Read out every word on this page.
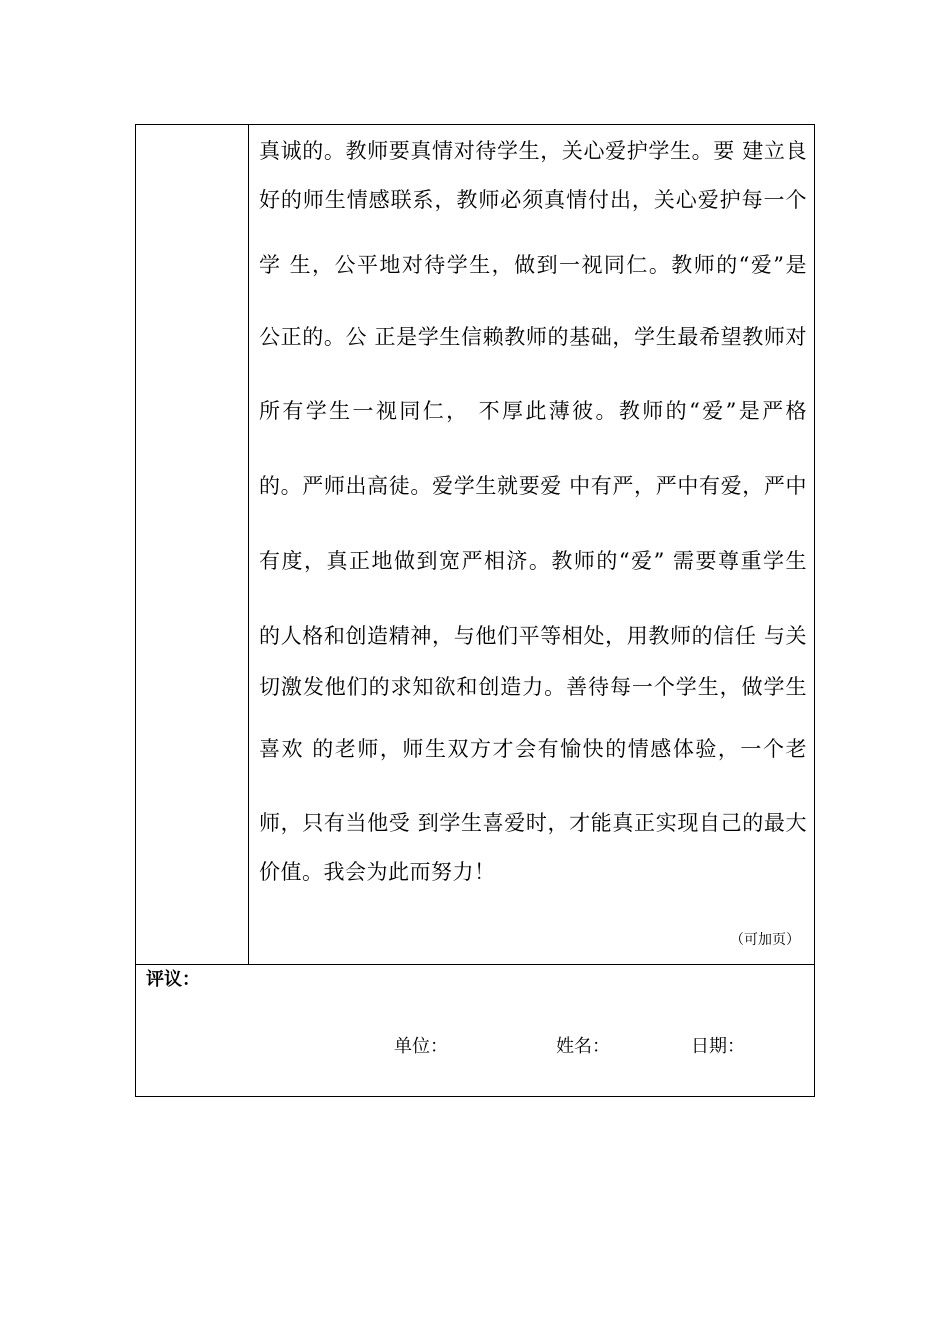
真诚的。教师要真情对待学生，关心爱护学生。要 建立良
好的师生情感联系，教师必须真情付出，关心爱护每一个
学 生，公平地对待学生，做到一视同仁。教师的“爱”是
公正的。公 正是学生信赖教师的基础，学生最希望教师对
所有学生一视同仁， 不厚此薄彼。教师的“爱”是严格
的。严师出高徒。爱学生就要爱 中有严，严中有爱，严中
有度，真正地做到宽严相济。教师的“爱” 需要尊重学生
的人格和创造精神，与他们平等相处，用教师的信任 与关
切激发他们的求知欲和创造力。善待每一个学生，做学生
喜欢 的老师，师生双方才会有愉快的情感体验，一个老
师，只有当他受 到学生喜爱时，才能真正实现自己的最大
价值。我会为此而努力！
（可加页）
评议：
单位：	姓名：	日期：
